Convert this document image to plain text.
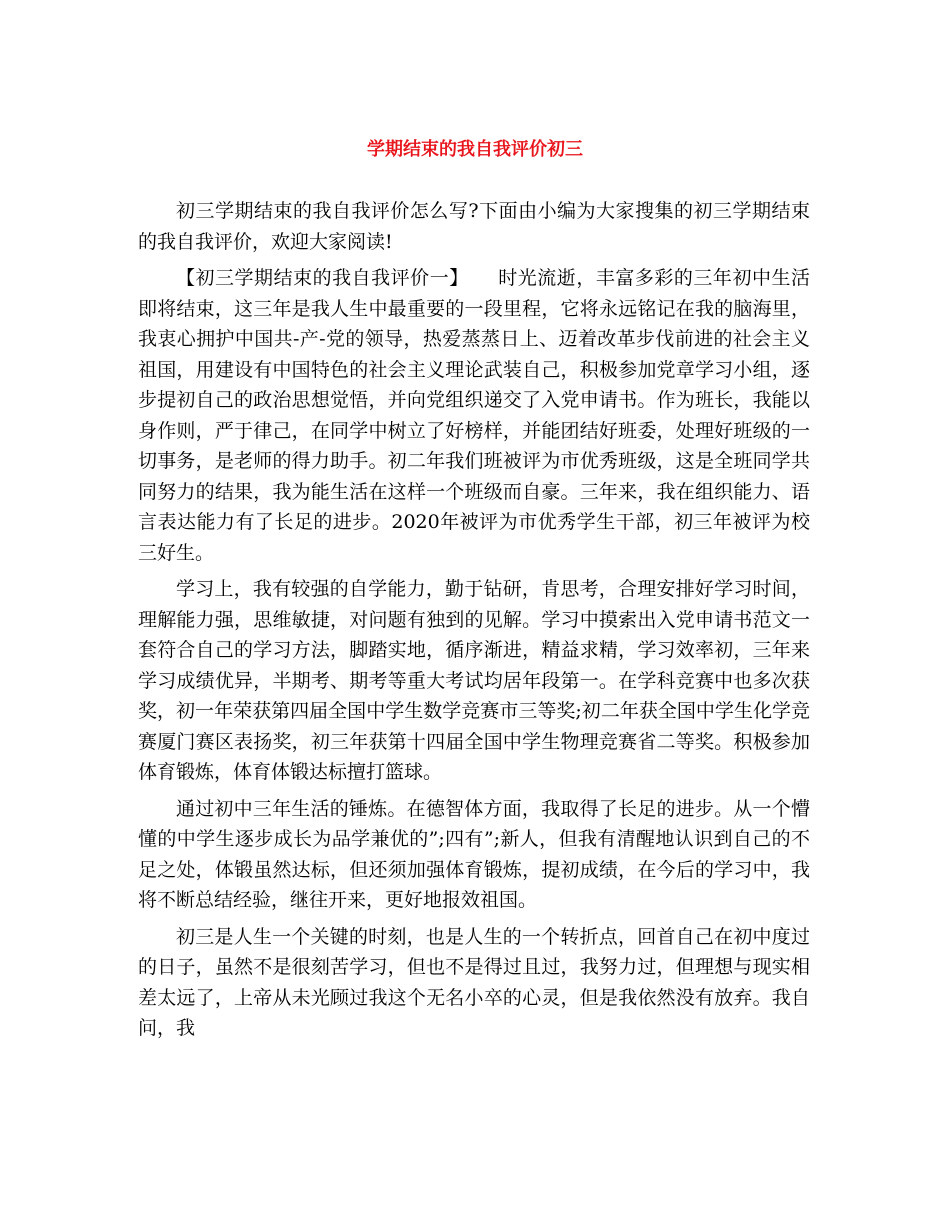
学期结束的我自我评价初三

初三学期结束的我自我评价怎么写?下面由小编为大家搜集的初三学期结束的我自我评价，欢迎大家阅读!

【初三学期结束的我自我评价一】　　时光流逝，丰富多彩的三年初中生活即将结束，这三年是我人生中最重要的一段里程，它将永远铭记在我的脑海里，我衷心拥护中国共-产-党的领导，热爱蒸蒸日上、迈着改革步伐前进的社会主义祖国，用建设有中国特色的社会主义理论武装自己，积极参加党章学习小组，逐步提初自己的政治思想觉悟，并向党组织递交了入党申请书。作为班长，我能以身作则，严于律己，在同学中树立了好榜样，并能团结好班委，处理好班级的一切事务，是老师的得力助手。初二年我们班被评为市优秀班级，这是全班同学共同努力的结果，我为能生活在这样一个班级而自豪。三年来，我在组织能力、语言表达能力有了长足的进步。2020年被评为市优秀学生干部，初三年被评为校三好生。

学习上，我有较强的自学能力，勤于钻研，肯思考，合理安排好学习时间，理解能力强，思维敏捷，对问题有独到的见解。学习中摸索出入党申请书范文一套符合自己的学习方法，脚踏实地，循序渐进，精益求精，学习效率初，三年来学习成绩优异，半期考、期考等重大考试均居年段第一。在学科竞赛中也多次获奖，初一年荣获第四届全国中学生数学竞赛市三等奖;初二年获全国中学生化学竞赛厦门赛区表扬奖，初三年获第十四届全国中学生物理竞赛省二等奖。积极参加体育锻炼，体育体锻达标擅打篮球。

通过初中三年生活的锤炼。在德智体方面，我取得了长足的进步。从一个懵懂的中学生逐步成长为品学兼优的”;四有”;新人，但我有清醒地认识到自己的不足之处，体锻虽然达标，但还须加强体育锻炼，提初成绩，在今后的学习中，我将不断总结经验，继往开来，更好地报效祖国。

初三是人生一个关键的时刻，也是人生的一个转折点，回首自己在初中度过的日子，虽然不是很刻苦学习，但也不是得过且过，我努力过，但理想与现实相差太远了，上帝从未光顾过我这个无名小卒的心灵，但是我依然没有放弃。我自问，我
